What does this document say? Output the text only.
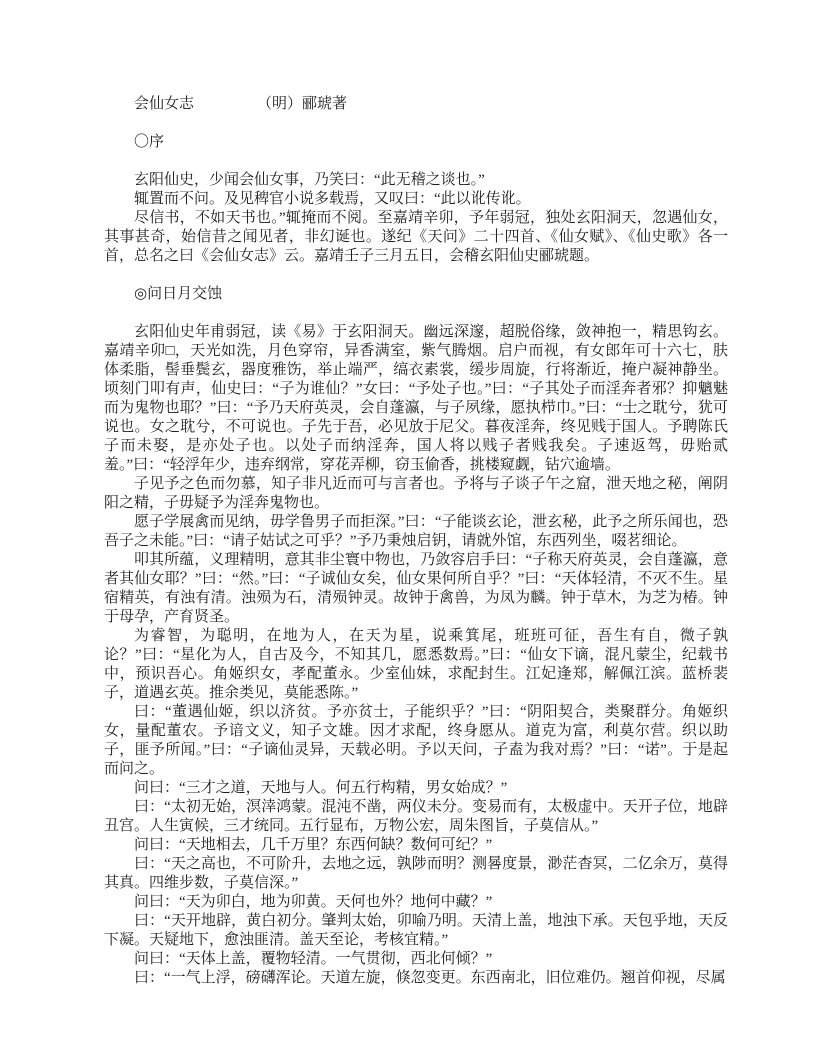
会仙女志	（明）郦琥著
〇序

玄阳仙史，少闻会仙女事，乃笑曰：“此无稽之谈也。”

辄置而不问。及见稗官小说多载焉，又叹曰：“此以讹传讹。

尽信书，不如天书也。”辄掩而不阅。至嘉靖辛卯，予年弱冠，独处玄阳洞天，忽遇仙女，其事甚奇，始信昔之闻见者，非幻诞也。遂纪《天问》二十四首、《仙女赋》、《仙史歌》各一首，总名之曰《会仙女志》云。嘉靖壬子三月五日，会稽玄阳仙史郦琥题。

◎问日月交蚀

玄阳仙史年甫弱冠，读《易》于玄阳洞天。幽远深邃，超脱俗缘，敛神抱一，精思钩玄。嘉靖辛卯□，天光如洗，月色穿帘，异香满室，紫气腾烟。启户而视，有女郎年可十六七，肤体柔脂，髻垂鬓玄，器度雅饬，举止端严，缟衣素裳，缓步周旋，行将渐近，掩户凝神静坐。顷刻门叩有声，仙史曰：“子为谁仙？”女曰：“予处子也。”曰：“子其处子而淫奔者邪？抑魑魅而为鬼物也耶？”曰：“予乃天府英灵，会自蓬瀛，与子夙缘，愿执栉巾。”曰：“士之耽兮，犹可说也。女之耽兮，不可说也。子先于吾，必见放于尼父。暮夜淫奔，终见贱于国人。予聘陈氏子而未娶，是亦处子也。以处子而纳淫奔，国人将以贱子者贱我矣。子速返驾，毋贻贰羞。”曰：“轻浮年少，违弃纲常，穿花弄柳，窃玉偷香，挑楼窥觑，钻穴逾墙。

子见予之色而勿慕，知子非凡近而可与言者也。予将与子谈子午之窟，泄天地之秘，阐阴阳之精，子毋疑予为淫奔鬼物也。

愿子学展禽而见纳，毋学鲁男子而拒深。”曰：“子能谈玄论，泄玄秘，此予之所乐闻也，恐吾子之未能。”曰：“请子姑试之可乎？”予乃秉烛启钥，请就外馆，东西列坐，啜茗细论。

叩其所蕴，义理精明，意其非尘寰中物也，乃敛容启手曰：“子称天府英灵，会自蓬瀛，意者其仙女耶？”曰：“然。”曰：“子诚仙女矣，仙女果何所自乎？”曰：“天体轻清，不灭不生。星宿精英，有浊有清。浊殒为石，清殒钟灵。故钟于禽兽，为凤为麟。钟于草木，为芝为椿。钟于母孕，产育贤圣。

为睿智，为聪明，在地为人，在天为星，说乘箕尾，班班可征，吾生有自，微子孰论？”曰：“星化为人，自古及今，不知其几，愿悉数焉。”曰：“仙女下谪，混凡蒙尘，纪载书中，预识吾心。角姬织女，孝配董永。少室仙妹，求配封生。江妃逢郑，解佩江滨。蓝桥裴子，道遇玄英。推余类见，莫能悉陈。”

曰：“董遇仙姬，织以济贫。予亦贫士，子能织乎？”曰：“阴阳契合，类聚群分。角姬织女，量配董农。予谙文义，知子文雄。因才求配，终身愿从。道克为富，利莫尔营。织以助子，匪予所闻。”曰：“子谪仙灵异，天载必明。予以天问，子盍为我对焉？”曰：“诺”。于是起而问之。

问曰：“三才之道，天地与人。何五行构精，男女始成？”

曰：“太初无始，溟涬鸿蒙。混沌不凿，两仪未分。变易而有，太极虚中。天开子位，地辟丑宫。人生寅候，三才统同。五行显布，万物公宏，周朱图旨，子莫信从。”

问曰：“天地相去，几千万里？东西何缺？数何可纪？”

曰：“天之高也，不可阶升，去地之远，孰陟而明？测晷度景，渺茫杳冥，二亿余万，莫得其真。四维步数，子莫信深。”

问曰：“天为卯白，地为卯黄。天何也外？地何中藏？”

曰：“天开地辟，黄白初分。肇判太始，卯喻乃明。天清上盖，地浊下承。天包乎地，天反下凝。天疑地下，愈浊匪清。盖天至论，考核宜精。”

问曰：“天体上盖，覆物轻清。一气贯彻，西北何倾？”

曰：“一气上浮，磅礴浑论。天道左旋，倏忽变更。东西南北，旧位难仍。翘首仰视，尽属
